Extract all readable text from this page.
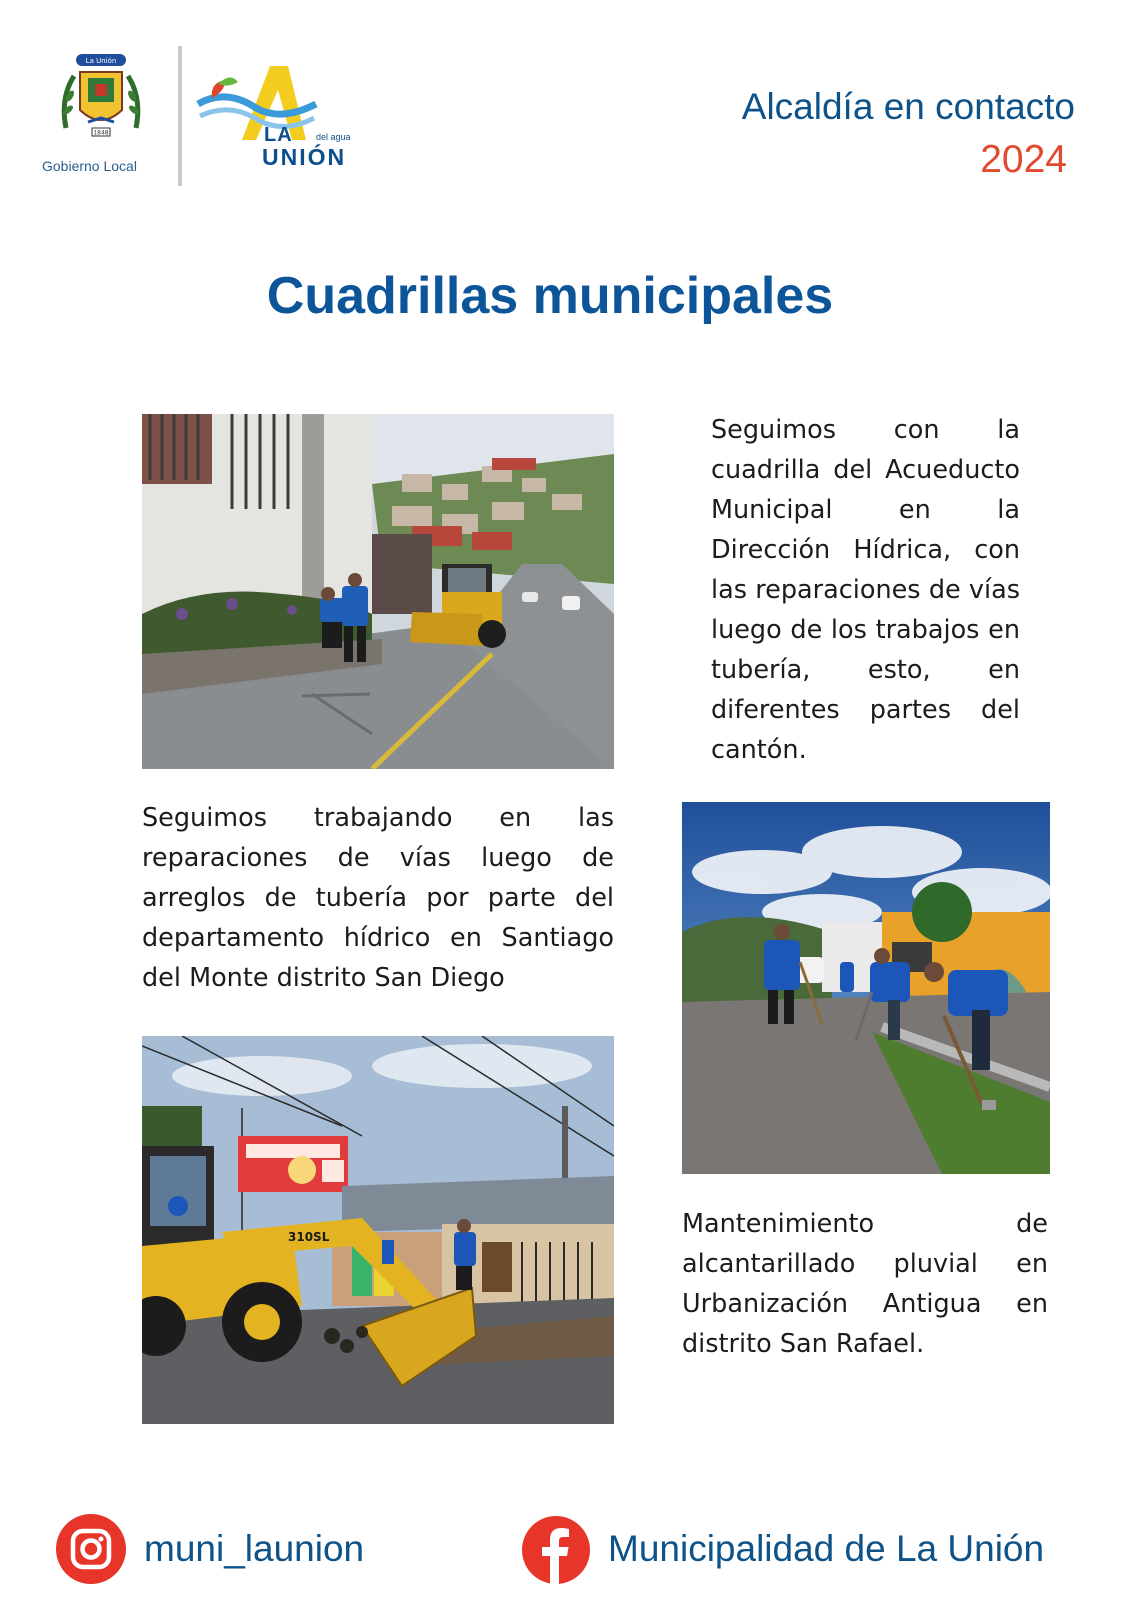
La Unión
1848
Gobierno Local
LA	del agua
UNIÓN
Alcaldía en contacto
2024
Cuadrillas municipales
Seguimos con la cuadrilla del Acueducto Municipal en la Dirección Hídrica, con las reparaciones de vías luego de los trabajos en tubería, esto, en diferentes partes del cantón.
Seguimos trabajando en las reparaciones de vías luego de arreglos de tubería por parte del departamento hídrico en Santiago del Monte distrito San Diego
310SL	Mantenimiento de alcantarillado pluvial en Urbanización Antigua en distrito San Rafael.
muni_launion	Municipalidad de La Unión
